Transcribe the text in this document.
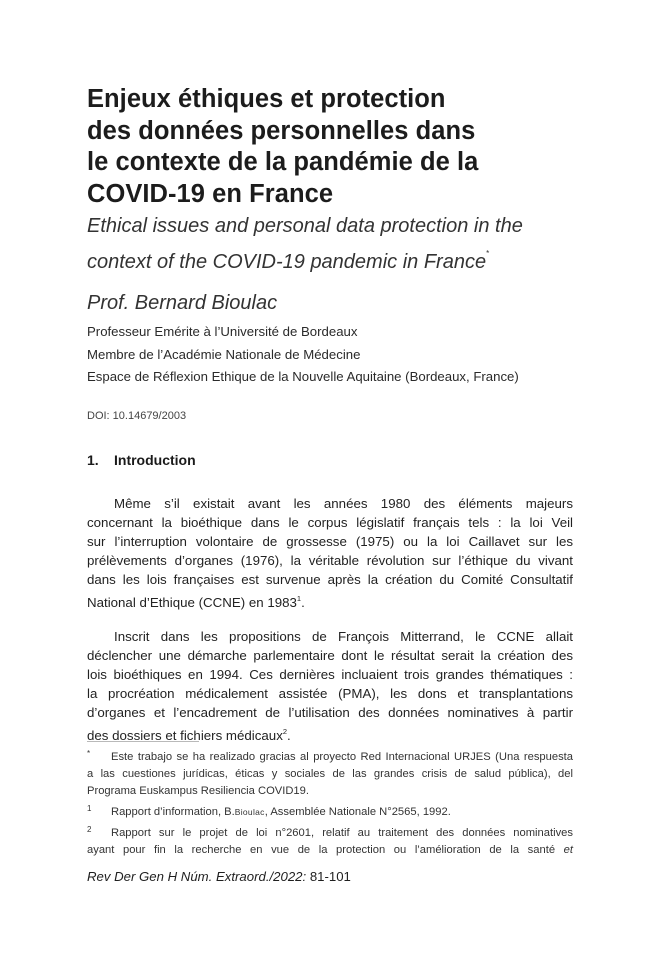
Enjeux éthiques et protection
des données personnelles dans
le contexte de la pandémie de la
COVID-19 en France
Ethical issues and personal data protection in the
context of the COVID-19 pandemic in France*
Prof. Bernard Bioulac
Professeur Emérite à l’Université de Bordeaux
Membre de l’Académie Nationale de Médecine
Espace de Réflexion Ethique de la Nouvelle Aquitaine (Bordeaux, France)
DOI: 10.14679/2003
1. Introduction
Même s’il existait avant les années 1980 des éléments majeurs
concernant la bioéthique dans le corpus législatif français tels : la loi Veil
sur l’interruption volontaire de grossesse (1975) ou la loi Caillavet sur les
prélèvements d’organes (1976), la véritable révolution sur l’éthique du vivant
dans les lois françaises est survenue après la création du Comité Consultatif
National d’Ethique (CCNE) en 1983$^1$.
Inscrit dans les propositions de François Mitterrand, le CCNE allait
déclencher une démarche parlementaire dont le résultat serait la création des
lois bioéthiques en 1994. Ces dernières incluaient trois grandes thématiques :
la procréation médicalement assistée (PMA), les dons et transplantations
d’organes et l’encadrement de l’utilisation des données nominatives à partir
des dossiers et fichiers médicaux$^2$.
* Este trabajo se ha realizado gracias al proyecto Red Internacional URJES (Una respuesta
a las cuestiones jurídicas, éticas y sociales de las grandes crisis de salud pública), del
Programa Euskampus Resiliencia COVID19.
1 Rapport d’information, B.Bioulac, Assemblée Nationale N°2565, 1992.
2 Rapport sur le projet de loi n°2601, relatif au traitement des données nominatives
ayant pour fin la recherche en vue de la protection ou l’amélioration de la santé et
Rev Der Gen H Núm. Extraord./2022: 81-101
